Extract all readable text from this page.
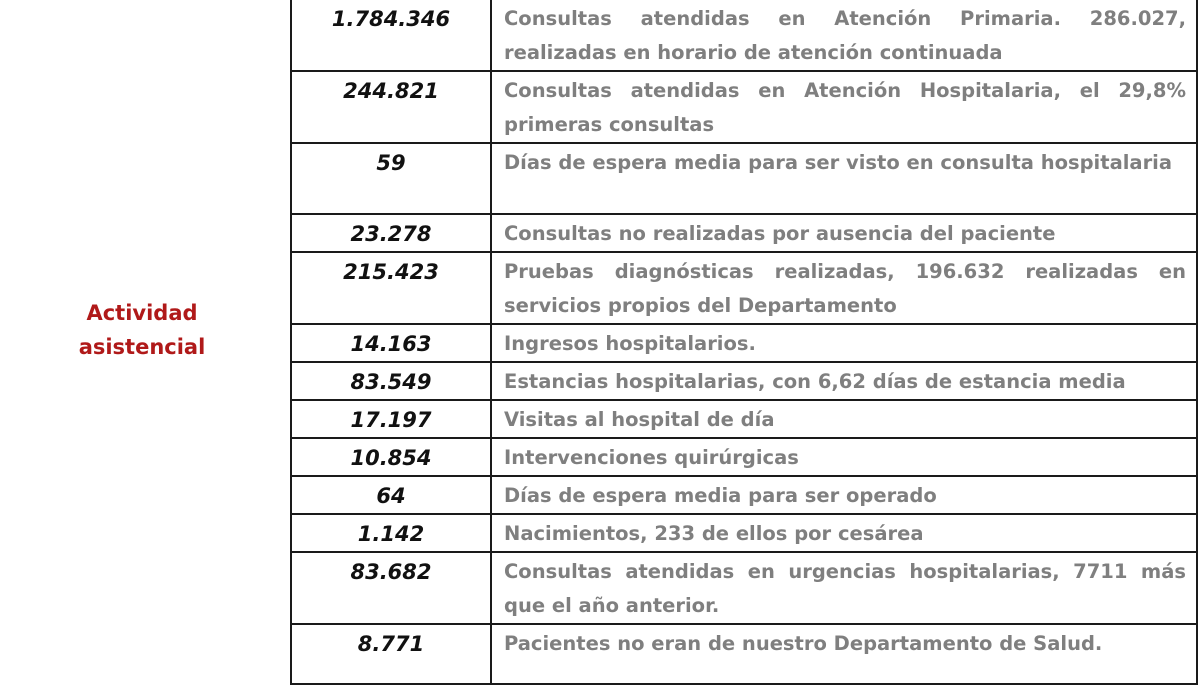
Actividad
asistencial
1.784.346	Consultas atendidas en Atención Primaria. 286.027, realizadas en horario de atención continuada
244.821	Consultas atendidas en Atención Hospitalaria, el 29,8% primeras consultas
59	Días de espera media para ser visto en consulta hospitalaria
23.278	Consultas no realizadas por ausencia del paciente
215.423	Pruebas diagnósticas realizadas, 196.632 realizadas en servicios propios del Departamento
14.163	Ingresos hospitalarios.
83.549	Estancias hospitalarias, con 6,62 días de estancia media
17.197	Visitas al hospital de día
10.854	Intervenciones quirúrgicas
64	Días de espera media para ser operado
1.142	Nacimientos, 233 de ellos por cesárea
83.682	Consultas atendidas en urgencias hospitalarias, 7711 más que el año anterior.
8.771	Pacientes no eran de nuestro Departamento de Salud.
